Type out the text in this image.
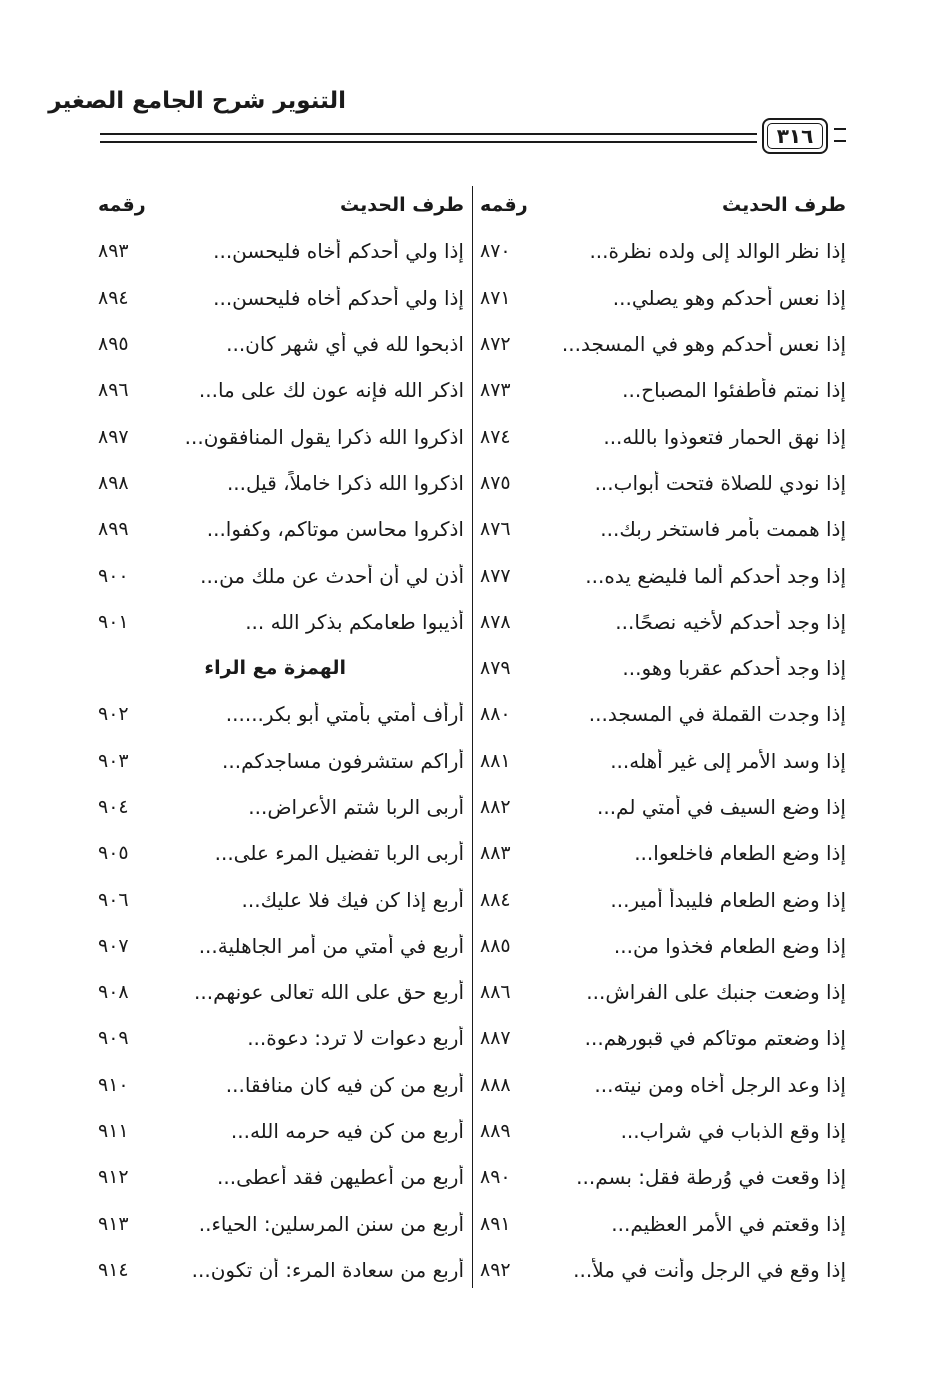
التنوير شرح الجامع الصغير
٣١٦
طرف الحديث
رقمه
إذا نظر الوالد إلى ولده نظرة...
٨٧٠
إذا نعس أحدكم وهو يصلي...
٨٧١
إذا نعس أحدكم وهو في المسجد...
٨٧٢
إذا نمتم فأطفئوا المصباح...
٨٧٣
إذا نهق الحمار فتعوذوا بالله...
٨٧٤
إذا نودي للصلاة فتحت أبواب...
٨٧٥
إذا هممت بأمر فاستخر ربك...
٨٧٦
إذا وجد أحدكم ألما فليضع يده...
٨٧٧
إذا وجد أحدكم لأخيه نصحًا...
٨٧٨
إذا وجد أحدكم عقربا وهو...
٨٧٩
إذا وجدت القملة في المسجد...
٨٨٠
إذا وسد الأمر إلى غير أهله...
٨٨١
إذا وضع السيف في أمتي لم...
٨٨٢
إذا وضع الطعام فاخلعوا...
٨٨٣
إذا وضع الطعام فليبدأ أمير...
٨٨٤
إذا وضع الطعام فخذوا من...
٨٨٥
إذا وضعت جنبك على الفراش...
٨٨٦
إذا وضعتم موتاكم في قبورهم...
٨٨٧
إذا وعد الرجل أخاه ومن نيته...
٨٨٨
إذا وقع الذباب في شراب...
٨٨٩
إذا وقعت في وُرطة فقل: بسم...
٨٩٠
إذا وقعتم في الأمر العظيم...
٨٩١
إذا وقع في الرجل وأنت في ملأ...
٨٩٢
طرف الحديث
رقمه
إذا ولي أحدكم أخاه فليحسن...
٨٩٣
إذا ولي أحدكم أخاه فليحسن...
٨٩٤
اذبحوا لله في أي شهر كان...
٨٩٥
اذكر الله فإنه عون لك على ما...
٨٩٦
اذكروا الله ذكرا يقول المنافقون...
٨٩٧
اذكروا الله ذكرا خاملاً، قيل...
٨٩٨
اذكروا محاسن موتاكم، وكفوا...
٨٩٩
أذن لي أن أحدث عن ملك من...
٩٠٠
أذيبوا طعامكم بذكر الله ...
٩٠١
الهمزة مع الراء
أرأف أمتي بأمتي أبو بكر......
٩٠٢
أراكم ستشرفون مساجدكم...
٩٠٣
أربى الربا شتم الأعراض...
٩٠٤
أربى الربا تفضيل المرء على...
٩٠٥
أربع إذا كن فيك فلا عليك...
٩٠٦
أربع في أمتي من أمر الجاهلية...
٩٠٧
أربع حق على الله تعالى عونهم...
٩٠٨
أربع دعوات لا ترد: دعوة...
٩٠٩
أربع من كن فيه كان منافقا...
٩١٠
أربع من كن فيه حرمه الله...
٩١١
أربع من أعطيهن فقد أعطى...
٩١٢
أربع من سنن المرسلين: الحياء..
٩١٣
أربع من سعادة المرء: أن تكون...
٩١٤
